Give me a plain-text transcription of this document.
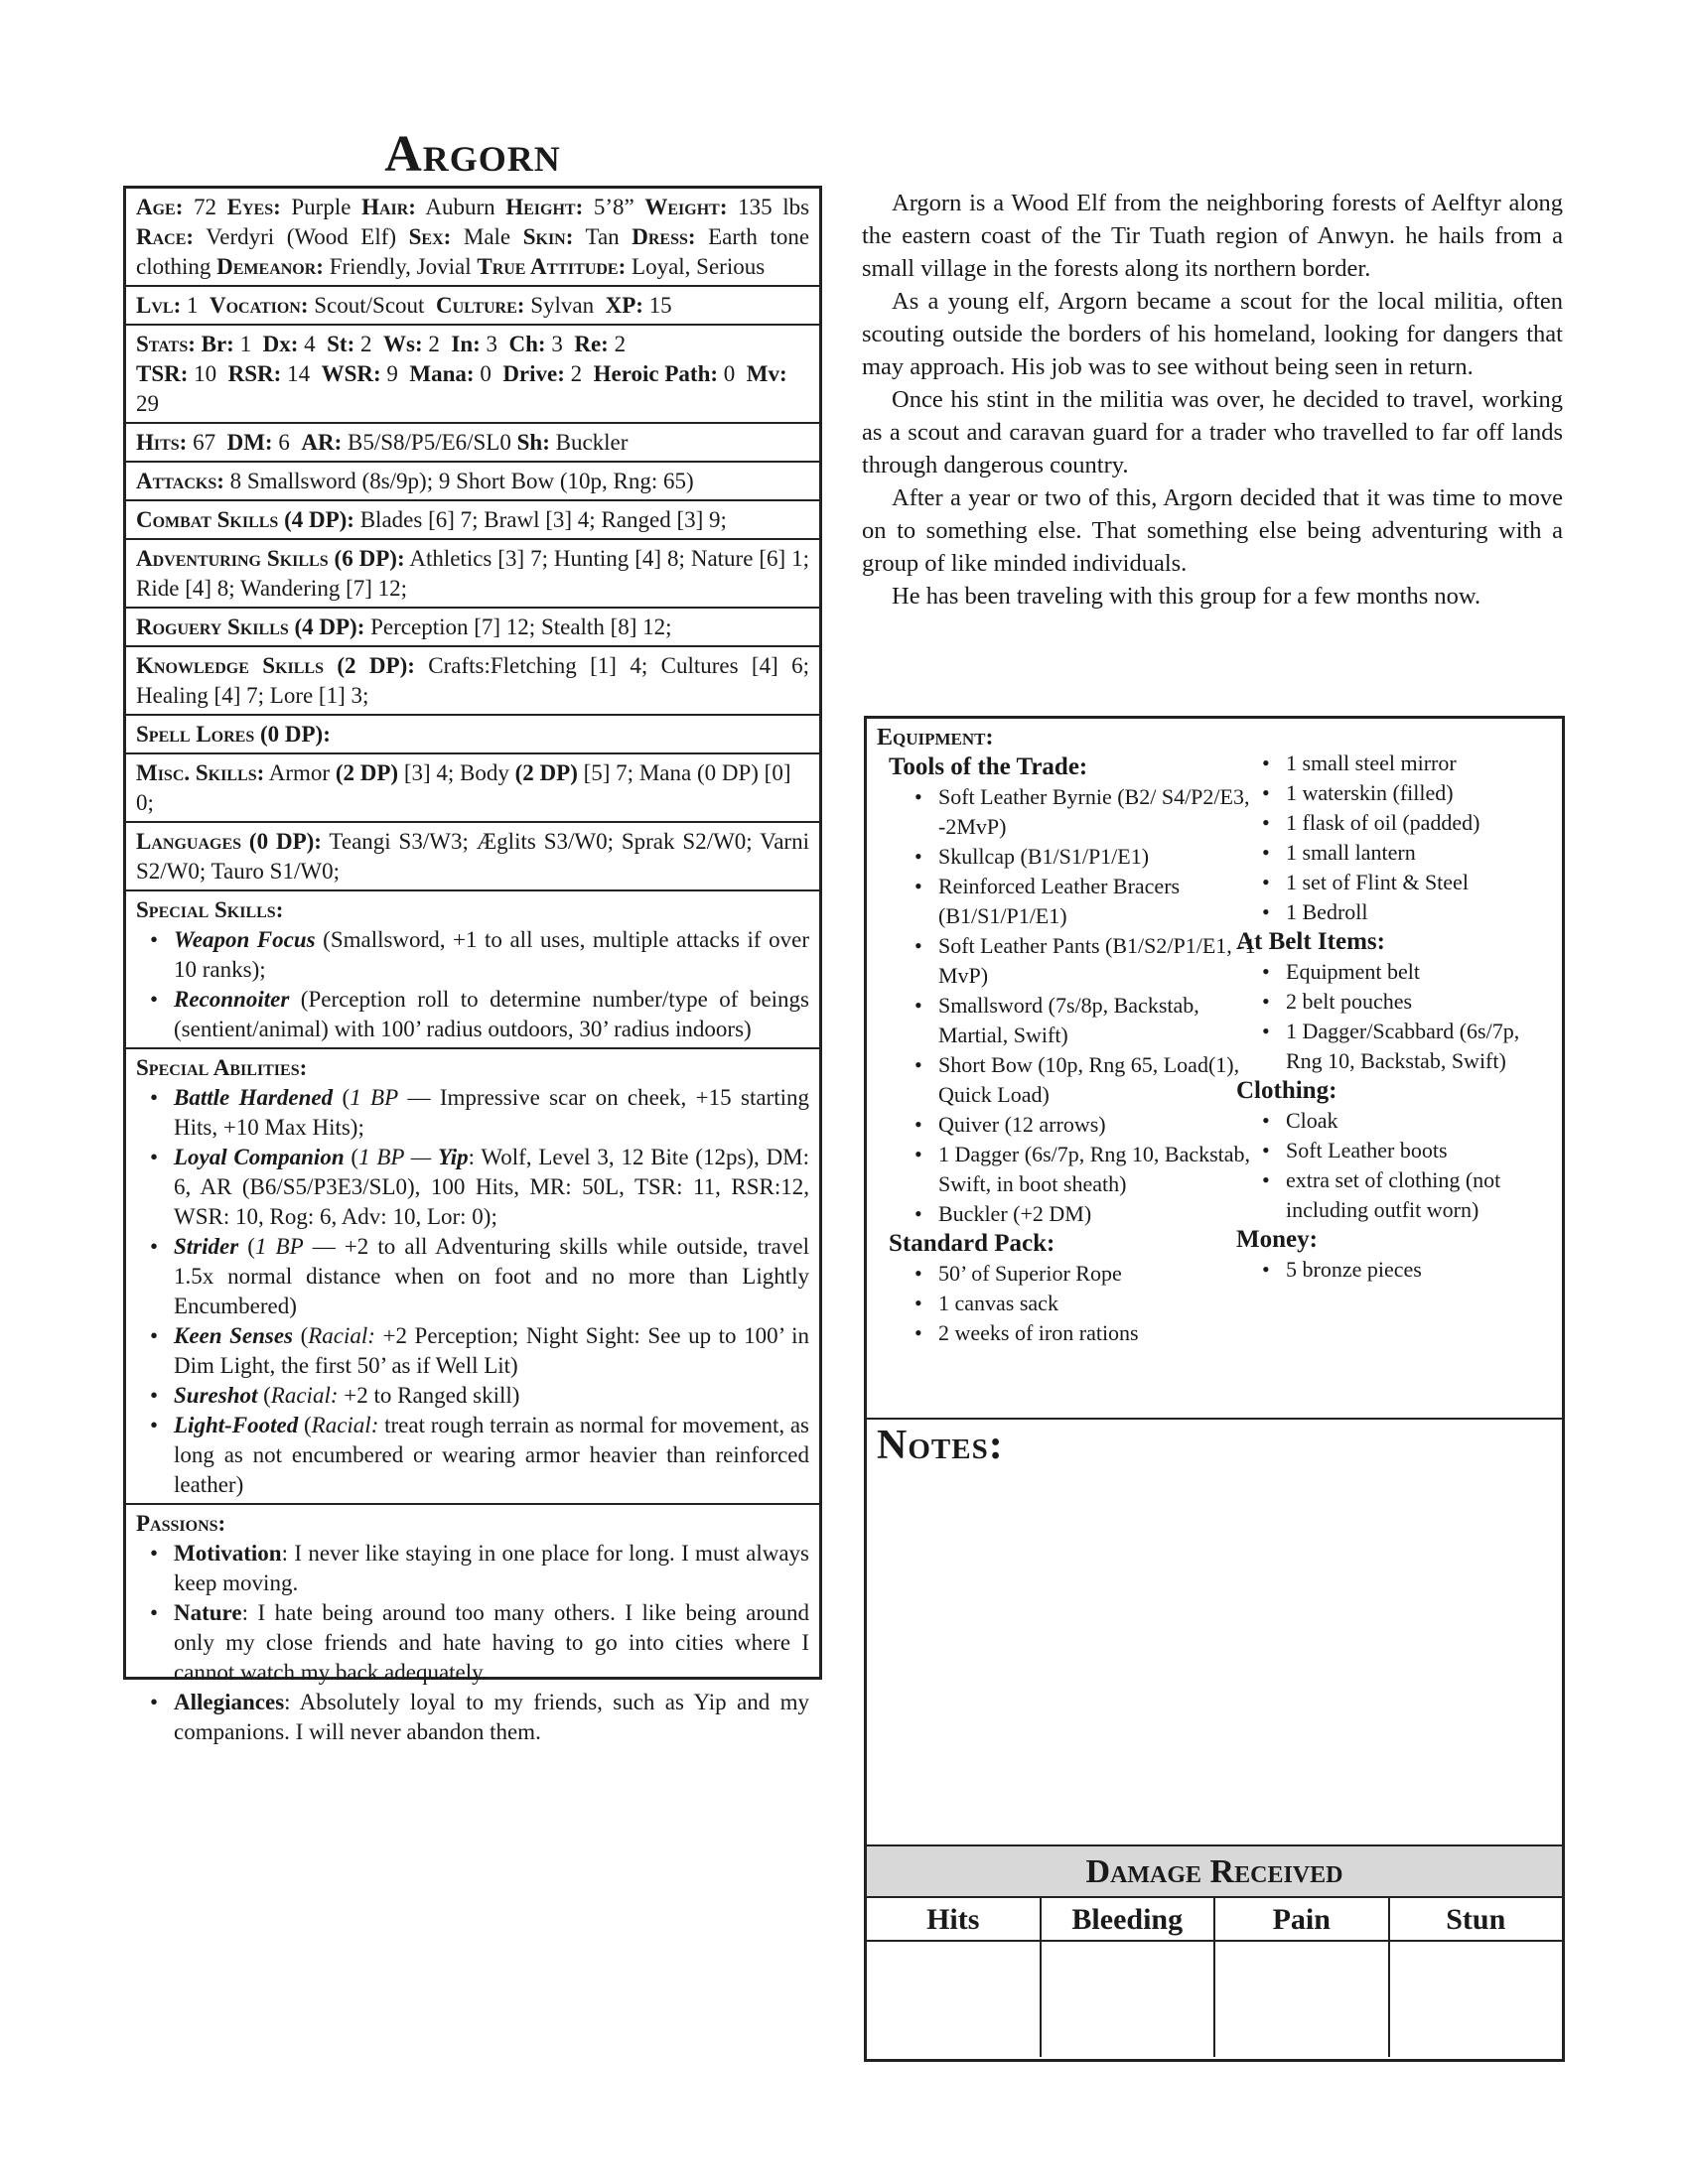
Argorn
Age: 72 Eyes: Purple Hair: Auburn Height: 5’8” Weight: 135 lbs Race: Verdyri (Wood Elf) Sex: Male Skin: Tan Dress: Earth tone clothing Demeanor: Friendly, Jovial True Attitude: Loyal, Serious
Lvl: 1 Vocation: Scout/Scout Culture: Sylvan XP: 15
Stats: Br: 1 Dx: 4 St: 2 Ws: 2 In: 3 Ch: 3 Re: 2
TSR: 10 RSR: 14 WSR: 9 Mana: 0 Drive: 2 Heroic Path: 0 Mv: 29
Hits: 67 DM: 6 AR: B5/S8/P5/E6/SL0 Sh: Buckler
Attacks: 8 Smallsword (8s/9p); 9 Short Bow (10p, Rng: 65)
Combat Skills (4 DP): Blades [6] 7; Brawl [3] 4; Ranged [3] 9;
Adventuring Skills (6 DP): Athletics [3] 7; Hunting [4] 8; Nature [6] 1; Ride [4] 8; Wandering [7] 12;
Roguery Skills (4 DP): Perception [7] 12; Stealth [8] 12;
Knowledge Skills (2 DP): Crafts:Fletching [1] 4; Cultures [4] 6; Healing [4] 7; Lore [1] 3;
Spell Lores (0 DP):
Misc. Skills: Armor (2 DP) [3] 4; Body (2 DP) [5] 7; Mana (0 DP) [0] 0;
Languages (0 DP): Teangi S3/W3; Æglits S3/W0; Sprak S2/W0; Varni S2/W0; Tauro S1/W0;
Special Skills:
• Weapon Focus (Smallsword, +1 to all uses, multiple attacks if over 10 ranks);
• Reconnoiter (Perception roll to determine number/type of beings (sentient/animal) with 100’ radius outdoors, 30’ radius indoors)
Special Abilities:
• Battle Hardened (1 BP — Impressive scar on cheek, +15 starting Hits, +10 Max Hits);
• Loyal Companion (1 BP — Yip: Wolf, Level 3, 12 Bite (12ps), DM: 6, AR (B6/S5/P3E3/SL0), 100 Hits, MR: 50L, TSR: 11, RSR:12, WSR: 10, Rog: 6, Adv: 10, Lor: 0);
• Strider (1 BP — +2 to all Adventuring skills while outside, travel 1.5x normal distance when on foot and no more than Lightly Encumbered)
• Keen Senses (Racial: +2 Perception; Night Sight: See up to 100’ in Dim Light, the first 50’ as if Well Lit)
• Sureshot (Racial: +2 to Ranged skill)
• Light-Footed (Racial: treat rough terrain as normal for movement, as long as not encumbered or wearing armor heavier than reinforced leather)
Passions:
• Motivation: I never like staying in one place for long. I must always keep moving.
• Nature: I hate being around too many others. I like being around only my close friends and hate having to go into cities where I cannot watch my back adequately.
• Allegiances: Absolutely loyal to my friends, such as Yip and my companions. I will never abandon them.

Argorn is a Wood Elf from the neighboring forests of Aelftyr along the eastern coast of the Tir Tuath region of Anwyn. he hails from a small village in the forests along its northern border.

As a young elf, Argorn became a scout for the local militia, often scouting outside the borders of his homeland, looking for dangers that may approach. His job was to see without being seen in return.

Once his stint in the militia was over, he decided to travel, working as a scout and caravan guard for a trader who travelled to far off lands through dangerous country.

After a year or two of this, Argorn decided that it was time to move on to something else. That something else being adventuring with a group of like minded individuals.

He has been traveling with this group for a few months now.

Equipment:
Tools of the Trade:
• Soft Leather Byrnie (B2/ S4/P2/E3, -2MvP)
• Skullcap (B1/S1/P1/E1)
• Reinforced Leather Bracers (B1/S1/P1/E1)
• Soft Leather Pants (B1/S2/P1/E1, -1 MvP)
• Smallsword (7s/8p, Backstab, Martial, Swift)
• Short Bow (10p, Rng 65, Load(1), Quick Load)
• Quiver (12 arrows)
• 1 Dagger (6s/7p, Rng 10, Backstab, Swift, in boot sheath)
• Buckler (+2 DM)
Standard Pack:
• 50’ of Superior Rope
• 1 canvas sack
• 2 weeks of iron rations
• 1 small steel mirror
• 1 waterskin (filled)
• 1 flask of oil (padded)
• 1 small lantern
• 1 set of Flint & Steel
• 1 Bedroll
At Belt Items:
• Equipment belt
• 2 belt pouches
• 1 Dagger/Scabbard (6s/7p, Rng 10, Backstab, Swift)
Clothing:
• Cloak
• Soft Leather boots
• extra set of clothing (not including outfit worn)
Money:
• 5 bronze pieces
Notes:
Damage Received
Hits	Bleeding	Pain	Stun
